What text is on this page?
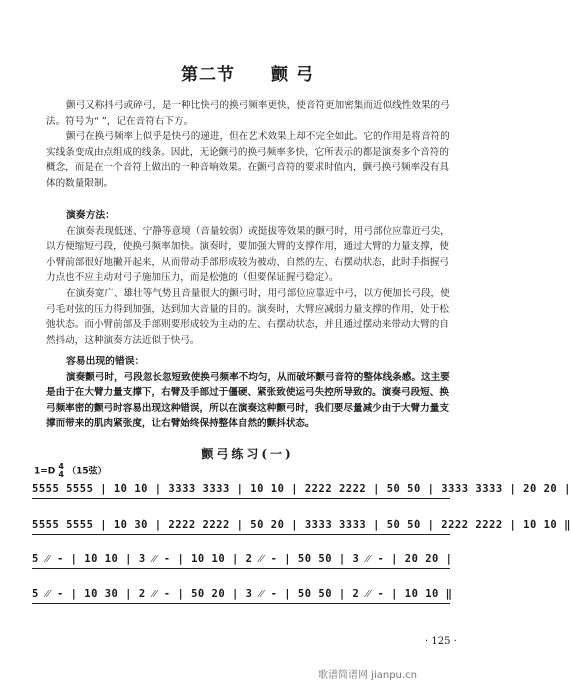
第二节 颤 弓

颤弓又称抖弓或碎弓，是一种比快弓的换弓频率更快，使音符更加密集而近似线性效果的弓法。符号为“ ”，记在音符右下方。

颤弓在换弓频率上似乎是快弓的递进，但在艺术效果上却不完全如此。它的作用是将音符的实线条变成由点组成的线条。因此，无论颤弓的换弓频率多快，它所表示的都是演奏多个音符的概念，而是在一个音符上做出的一种音响效果。在颤弓音符的要求时值内，颤弓换弓频率没有具体的数量限制。

演奏方法：

在演奏表现低迷、宁静等意境（音量较弱）或挺拔等效果的颤弓时，用弓部位应靠近弓尖，以方便缩短弓段，使换弓频率加快。演奏时，要加强大臂的支撑作用，通过大臂的力量支撑，使小臂前部很好地撇开起来，从而带动手部形成较为被动、自然的左、右摆动状态，此时手指握弓力点也不应主动对弓子施加压力，而是松弛的（但要保证握弓稳定）。

在演奏宽广、雄壮等气势且音量很大的颤弓时，用弓部位应靠近中弓，以方便加长弓段，使弓毛对弦的压力得到加强，达到加大音量的目的。演奏时，大臂应减弱力量支撑的作用，处于松弛状态。而小臂前部及手部则要形成较为主动的左、右摆动状态，并且通过摆动来带动大臂的自然抖动，这种演奏方法近似于快弓。

容易出现的错误：

演奏颤弓时，弓段忽长忽短致使换弓频率不均匀，从而破坏颤弓音符的整体线条感。这主要是由于在大臂力量支撑下，右臂及手部过于僵硬、紧张致使运弓失控所导致的。演奏弓段短、换弓频率密的颤弓时容易出现这种错误，所以在演奏这种颤弓时，我们要尽量减少由于大臂力量支撑而带来的肌肉紧张度，让右臂始终保持整体自然的颤抖状态。

颤弓练习(一)
1=D 4
4 （15弦）
5555 5555 | 1̇0 1̇0 | 3333 3333 | 1̇0 1̇0 | 2222 2222 | 5̇0 5̇0 | 3333 3333 | 2̇0 2̇0 |
5555 5555 | 1̇0 3̇0 | 2222 2222 | 5̇0 2̇0 | 3333 3333 | 5̇0 5̇0 | 2222 2222 | 1̇0 1̇0 ‖
5 ⁄⁄ - | 1̇0 1̇0 | 3 ⁄⁄ - | 1̇0 1̇0 | 2 ⁄⁄ - | 5̇0 5̇0 | 3 ⁄⁄ - | 2̇0 2̇0 |
5 ⁄⁄ - | 1̇0 3̇0 | 2 ⁄⁄ - | 5̇0 2̇0 | 3 ⁄⁄ - | 5̇0 5̇0 | 2 ⁄⁄ - | 1̇0 1̇0 ‖
· 125 ·
歌谱简谱网 jianpu.cn
